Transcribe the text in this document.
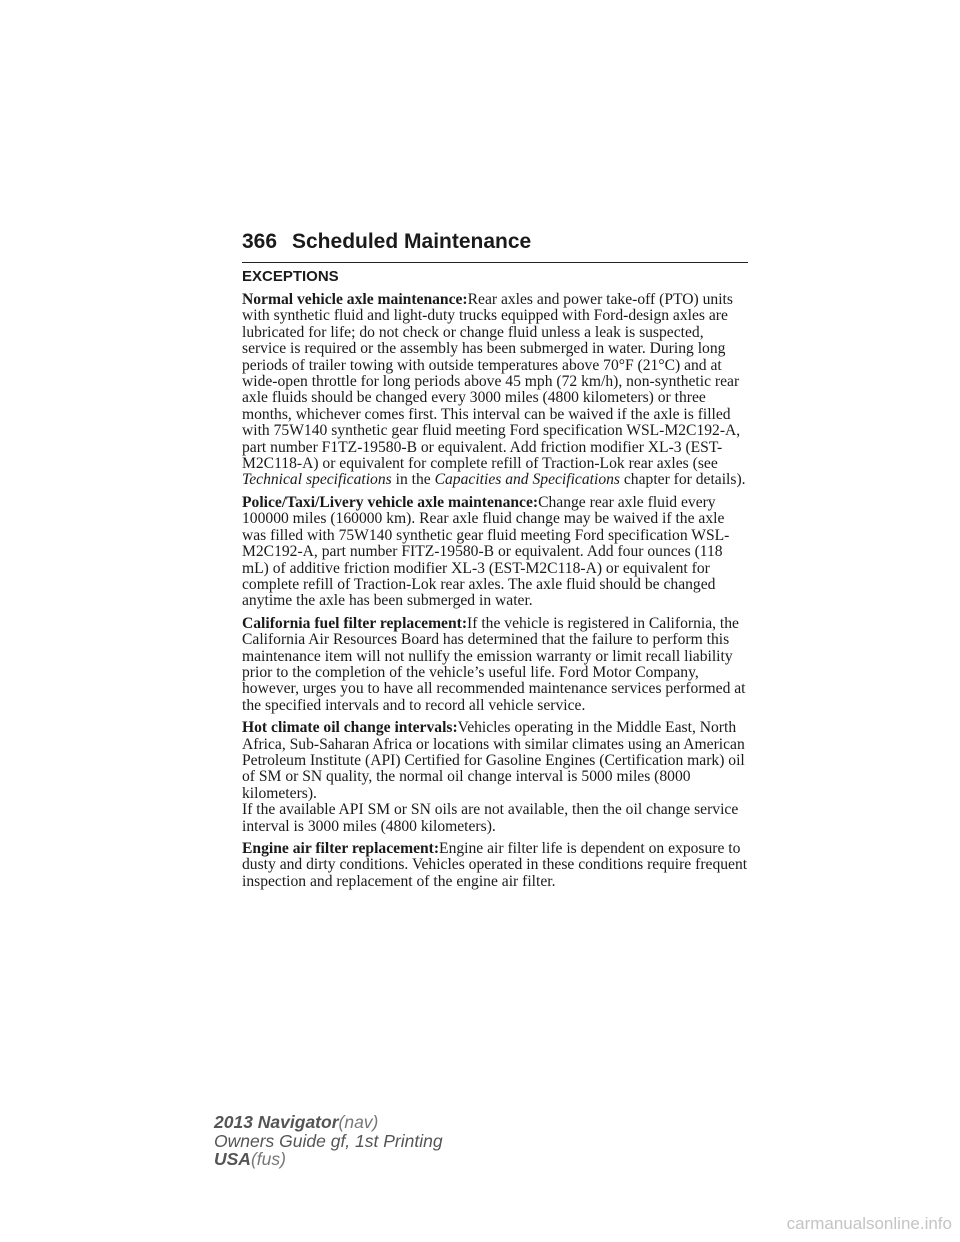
366 Scheduled Maintenance
EXCEPTIONS

Normal vehicle axle maintenance:Rear axles and power take-off (PTO) units with synthetic fluid and light-duty trucks equipped with Ford-design axles are lubricated for life; do not check or change fluid unless a leak is suspected, service is required or the assembly has been submerged in water. During long periods of trailer towing with outside temperatures above 70°F (21°C) and at wide-open throttle for long periods above 45 mph (72 km/h), non-synthetic rear axle fluids should be changed every 3000 miles (4800 kilometers) or three months, whichever comes first. This interval can be waived if the axle is filled with 75W140 synthetic gear fluid meeting Ford specification WSL-M2C192-A, part number F1TZ-19580-B or equivalent. Add friction modifier XL-3 (EST-M2C118-A) or equivalent for complete refill of Traction-Lok rear axles (see Technical specifications in the Capacities and Specifications chapter for details).

Police/Taxi/Livery vehicle axle maintenance:Change rear axle fluid every 100000 miles (160000 km). Rear axle fluid change may be waived if the axle was filled with 75W140 synthetic gear fluid meeting Ford specification WSL-M2C192-A, part number FITZ-19580-B or equivalent. Add four ounces (118 mL) of additive friction modifier XL-3 (EST-M2C118-A) or equivalent for complete refill of Traction-Lok rear axles. The axle fluid should be changed anytime the axle has been submerged in water.

California fuel filter replacement:If the vehicle is registered in California, the California Air Resources Board has determined that the failure to perform this maintenance item will not nullify the emission warranty or limit recall liability prior to the completion of the vehicle’s useful life. Ford Motor Company, however, urges you to have all recommended maintenance services performed at the specified intervals and to record all vehicle service.

Hot climate oil change intervals:Vehicles operating in the Middle East, North Africa, Sub-Saharan Africa or locations with similar climates using an American Petroleum Institute (API) Certified for Gasoline Engines (Certification mark) oil of SM or SN quality, the normal oil change interval is 5000 miles (8000 kilometers).

If the available API SM or SN oils are not available, then the oil change service interval is 3000 miles (4800 kilometers).

Engine air filter replacement:Engine air filter life is dependent on exposure to dusty and dirty conditions. Vehicles operated in these conditions require frequent inspection and replacement of the engine air filter.

2013 Navigator(nav)
Owners Guide gf, 1st Printing
USA(fus)
carmanualsonline.info
